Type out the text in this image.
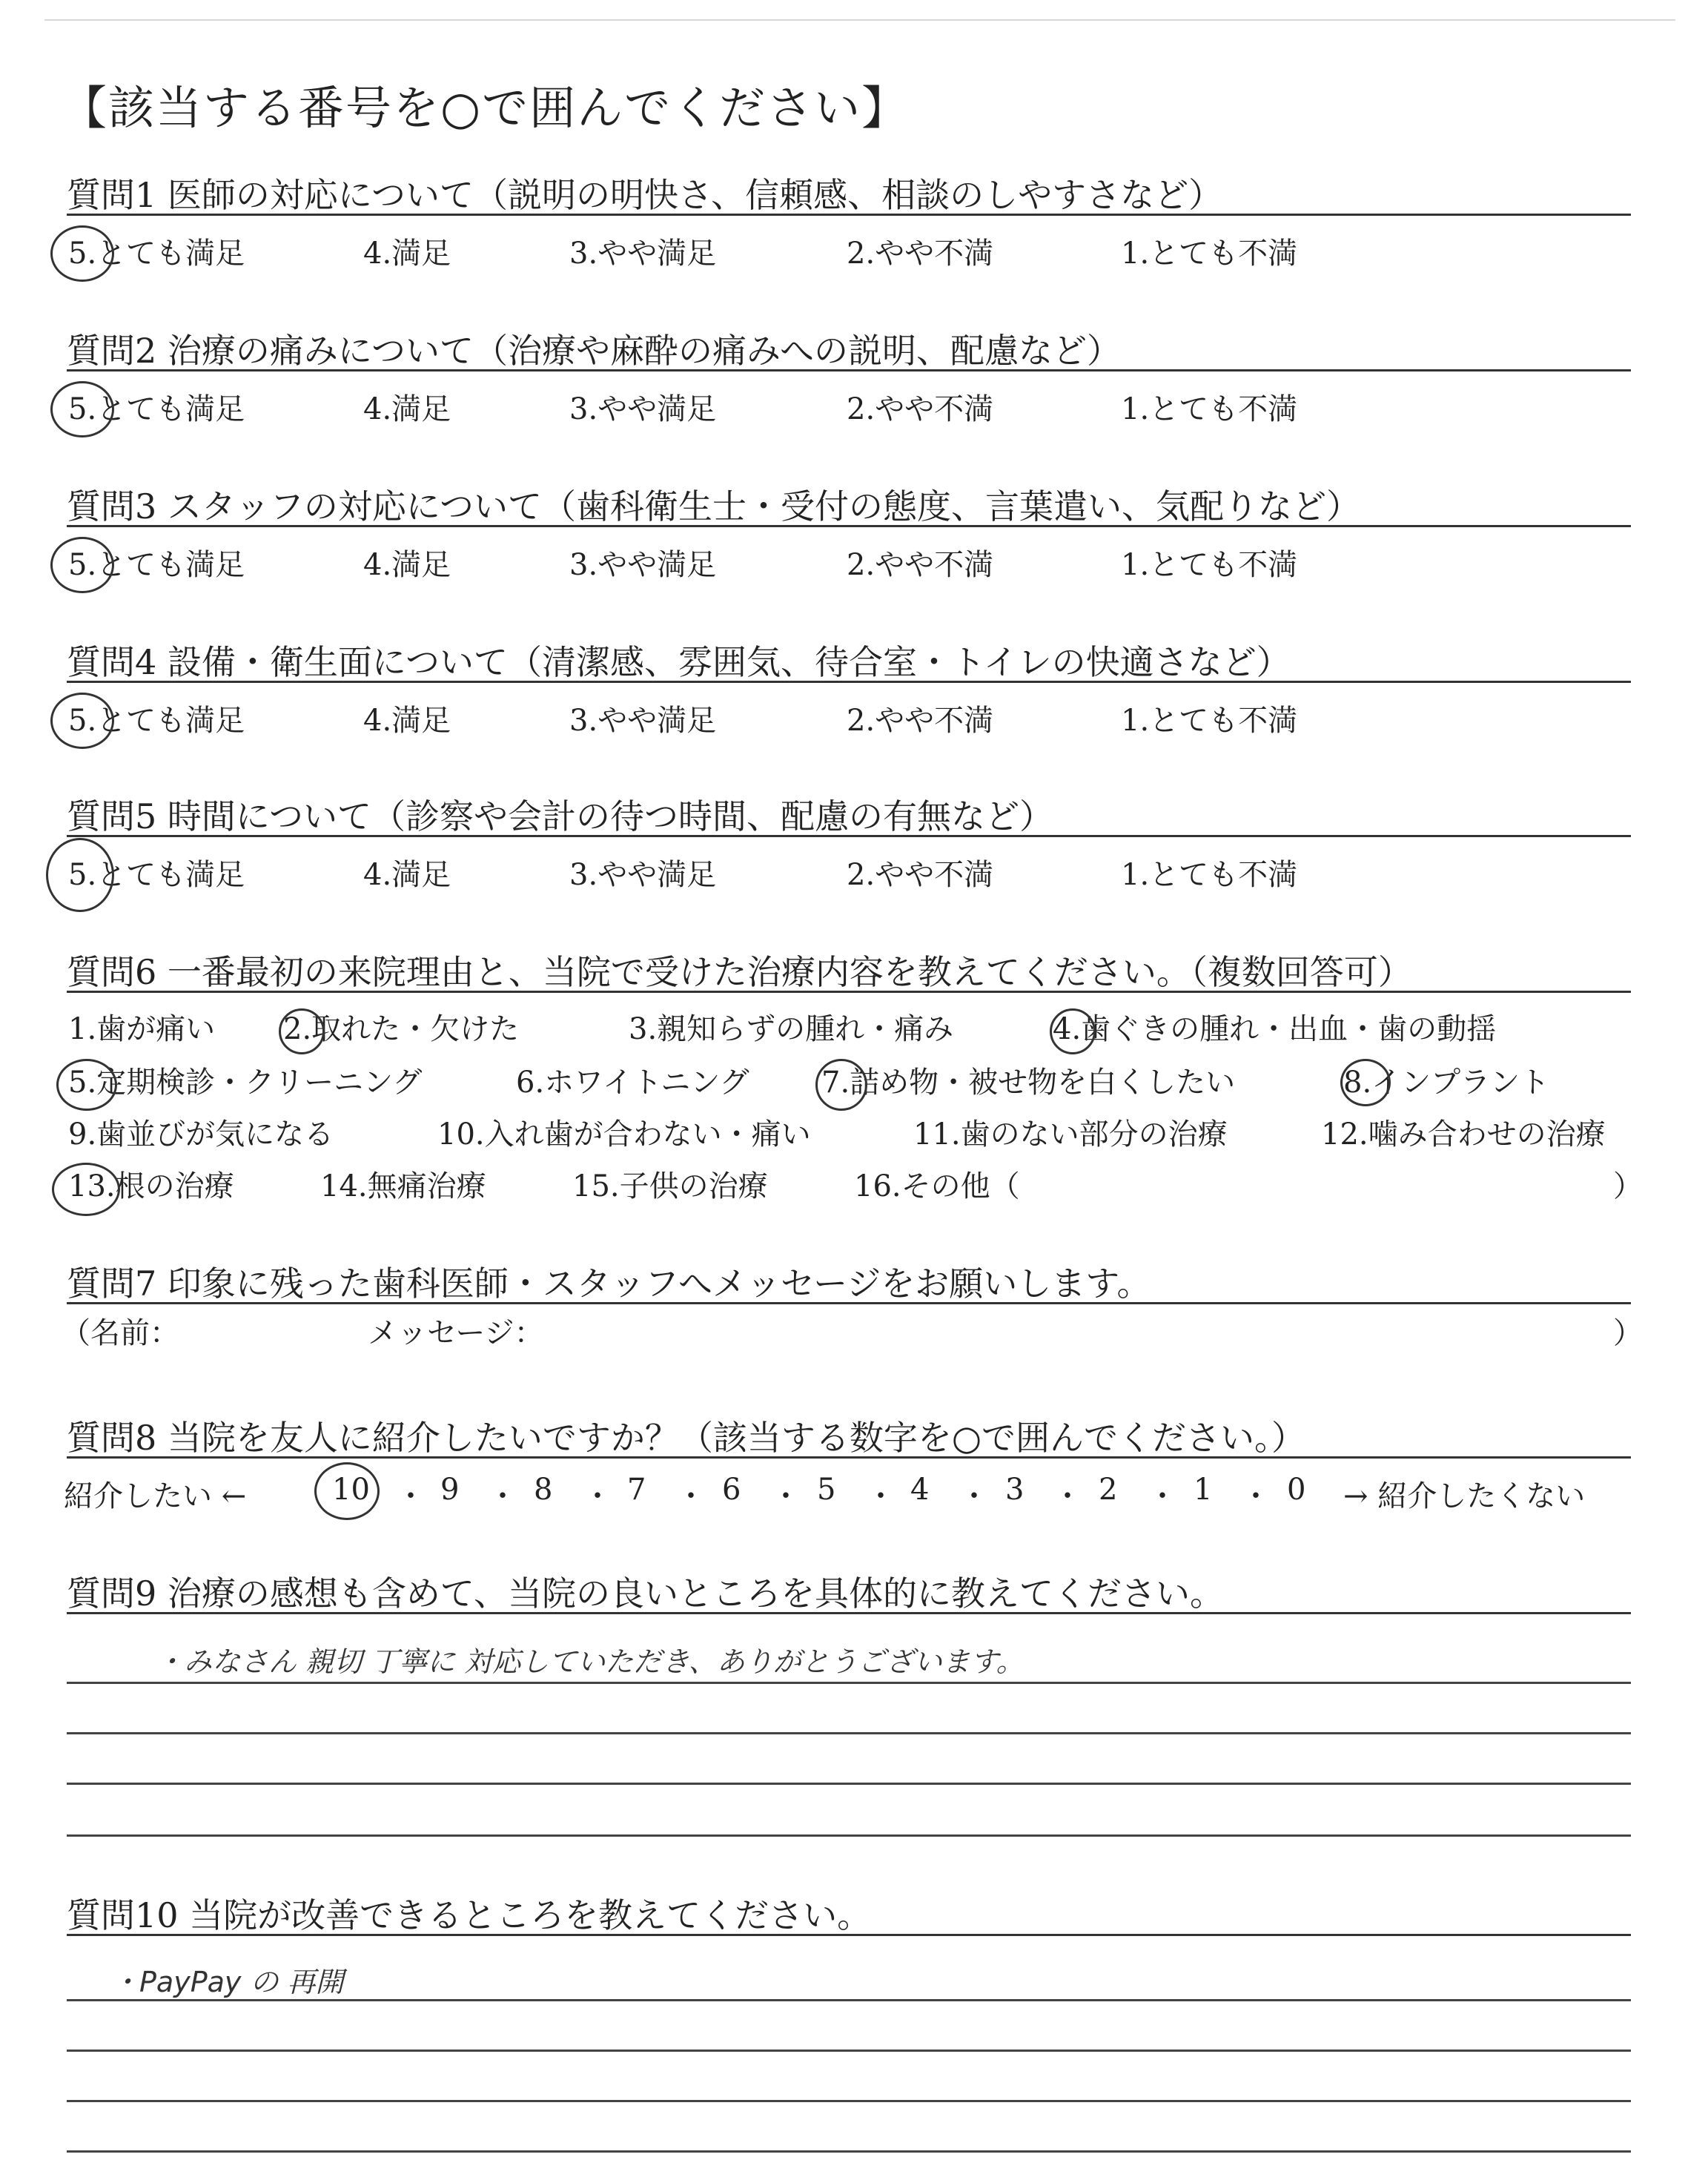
【該当する番号を○で囲んでください】
質問1 医師の対応について（説明の明快さ、信頼感、相談のしやすさなど）
5.とても満足	4.満足	3.やや満足	2.やや不満	1.とても不満
質問2 治療の痛みについて（治療や麻酔の痛みへの説明、配慮など）
5.とても満足	4.満足	3.やや満足	2.やや不満	1.とても不満
質問3 スタッフの対応について（歯科衛生士・受付の態度、言葉遣い、気配りなど）
5.とても満足	4.満足	3.やや満足	2.やや不満	1.とても不満
質問4 設備・衛生面について（清潔感、雰囲気、待合室・トイレの快適さなど）
5.とても満足	4.満足	3.やや満足	2.やや不満	1.とても不満
質問5 時間について（診察や会計の待つ時間、配慮の有無など）
5.とても満足	4.満足	3.やや満足	2.やや不満	1.とても不満
質問6 一番最初の来院理由と、当院で受けた治療内容を教えてください。（複数回答可）
1.歯が痛い 2.取れた・欠けた	3.親知らずの腫れ・痛み	4.歯ぐきの腫れ・出血・歯の動揺
5.定期検診・クリーニング	6.ホワイトニング 7.詰め物・被せ物を白くしたい	8.インプラント
9.歯並びが気になる	10.入れ歯が合わない・痛い	11.歯のない部分の治療	12.噛み合わせの治療
13.根の治療	14.無痛治療	15.子供の治療	16.その他（	）
質問7 印象に残った歯科医師・スタッフへメッセージをお願いします。
（名前：	メッセージ：	）
質問8 当院を友人に紹介したいですか？（該当する数字を○で囲んでください。）
紹介したい ←	10 ・ 9 ・ 8 ・ 7 ・ 6 ・ 5 ・ 4 ・ 3 ・ 2 ・ 1 ・ 0 → 紹介したくない
質問9 治療の感想も含めて、当院の良いところを具体的に教えてください。
・みなさん 親切 丁寧に 対応していただき、ありがとうございます。
質問10 当院が改善できるところを教えてください。
・PayPay の 再開
